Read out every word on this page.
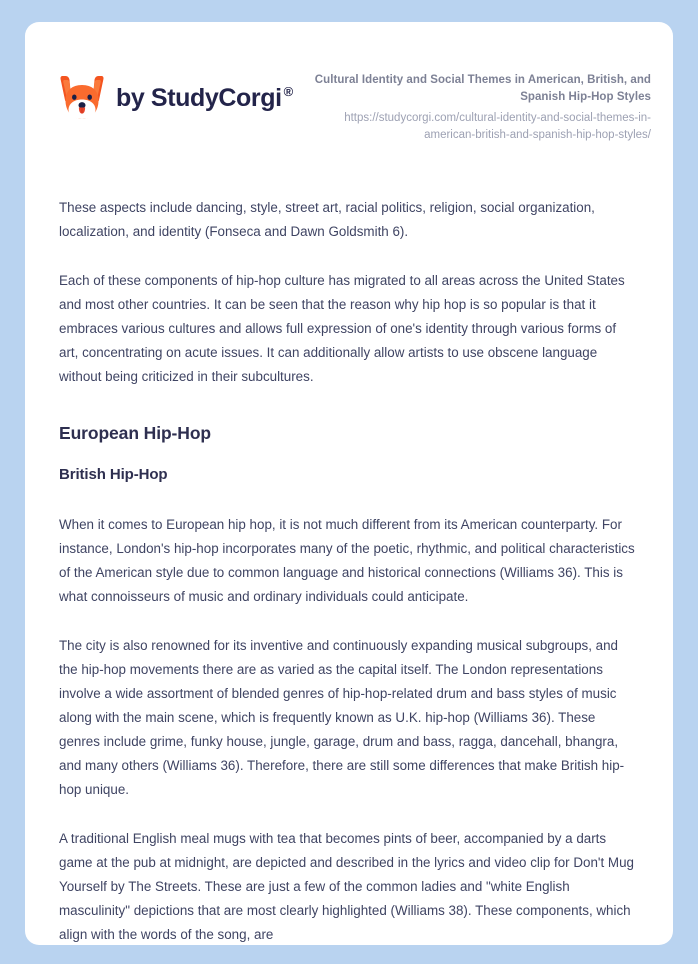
by StudyCorgi ®
Cultural Identity and Social Themes in American, British, and Spanish Hip-Hop Styles
https://studycorgi.com/cultural-identity-and-social-themes-in-american-british-and-spanish-hip-hop-styles/

These aspects include dancing, style, street art, racial politics, religion, social organization, localization, and identity (Fonseca and Dawn Goldsmith 6).

Each of these components of hip-hop culture has migrated to all areas across the United States and most other countries. It can be seen that the reason why hip hop is so popular is that it embraces various cultures and allows full expression of one's identity through various forms of art, concentrating on acute issues. It can additionally allow artists to use obscene language without being criticized in their subcultures.

European Hip-Hop
British Hip-Hop

When it comes to European hip hop, it is not much different from its American counterparty. For instance, London's hip-hop incorporates many of the poetic, rhythmic, and political characteristics of the American style due to common language and historical connections (Williams 36). This is what connoisseurs of music and ordinary individuals could anticipate.

The city is also renowned for its inventive and continuously expanding musical subgroups, and the hip-hop movements there are as varied as the capital itself. The London representations involve a wide assortment of blended genres of hip-hop-related drum and bass styles of music along with the main scene, which is frequently known as U.K. hip-hop (Williams 36). These genres include grime, funky house, jungle, garage, drum and bass, ragga, dancehall, bhangra, and many others (Williams 36). Therefore, there are still some differences that make British hip-hop unique.

A traditional English meal mugs with tea that becomes pints of beer, accompanied by a darts game at the pub at midnight, are depicted and described in the lyrics and video clip for Don't Mug Yourself by The Streets. These are just a few of the common ladies and "white English masculinity" depictions that are most clearly highlighted (Williams 38). These components, which align with the words of the song, are
